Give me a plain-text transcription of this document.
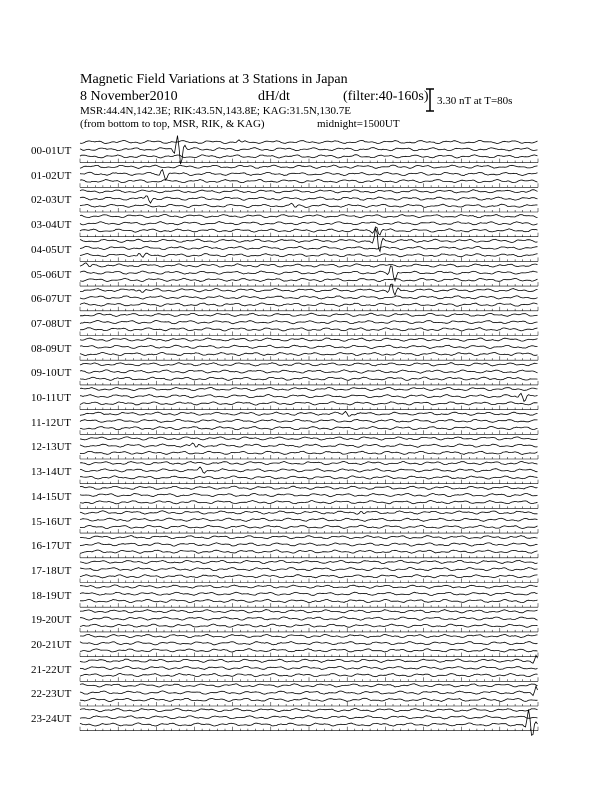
Magnetic Field Variations at 3 Stations in Japan
8 November2010	dH/dt	(filter:40-160s)
MSR:44.4N,142.3E; RIK:43.5N,143.8E; KAG:31.5N,130.7E
(from bottom to top, MSR, RIK, & KAG)	midnight=1500UT
3.30 nT at T=80s
00-01UT
01-02UT
02-03UT
03-04UT
04-05UT
05-06UT
06-07UT
07-08UT
08-09UT
09-10UT
10-11UT
11-12UT
12-13UT
13-14UT
14-15UT
15-16UT
16-17UT
17-18UT
18-19UT
19-20UT
20-21UT
21-22UT
22-23UT
23-24UT
